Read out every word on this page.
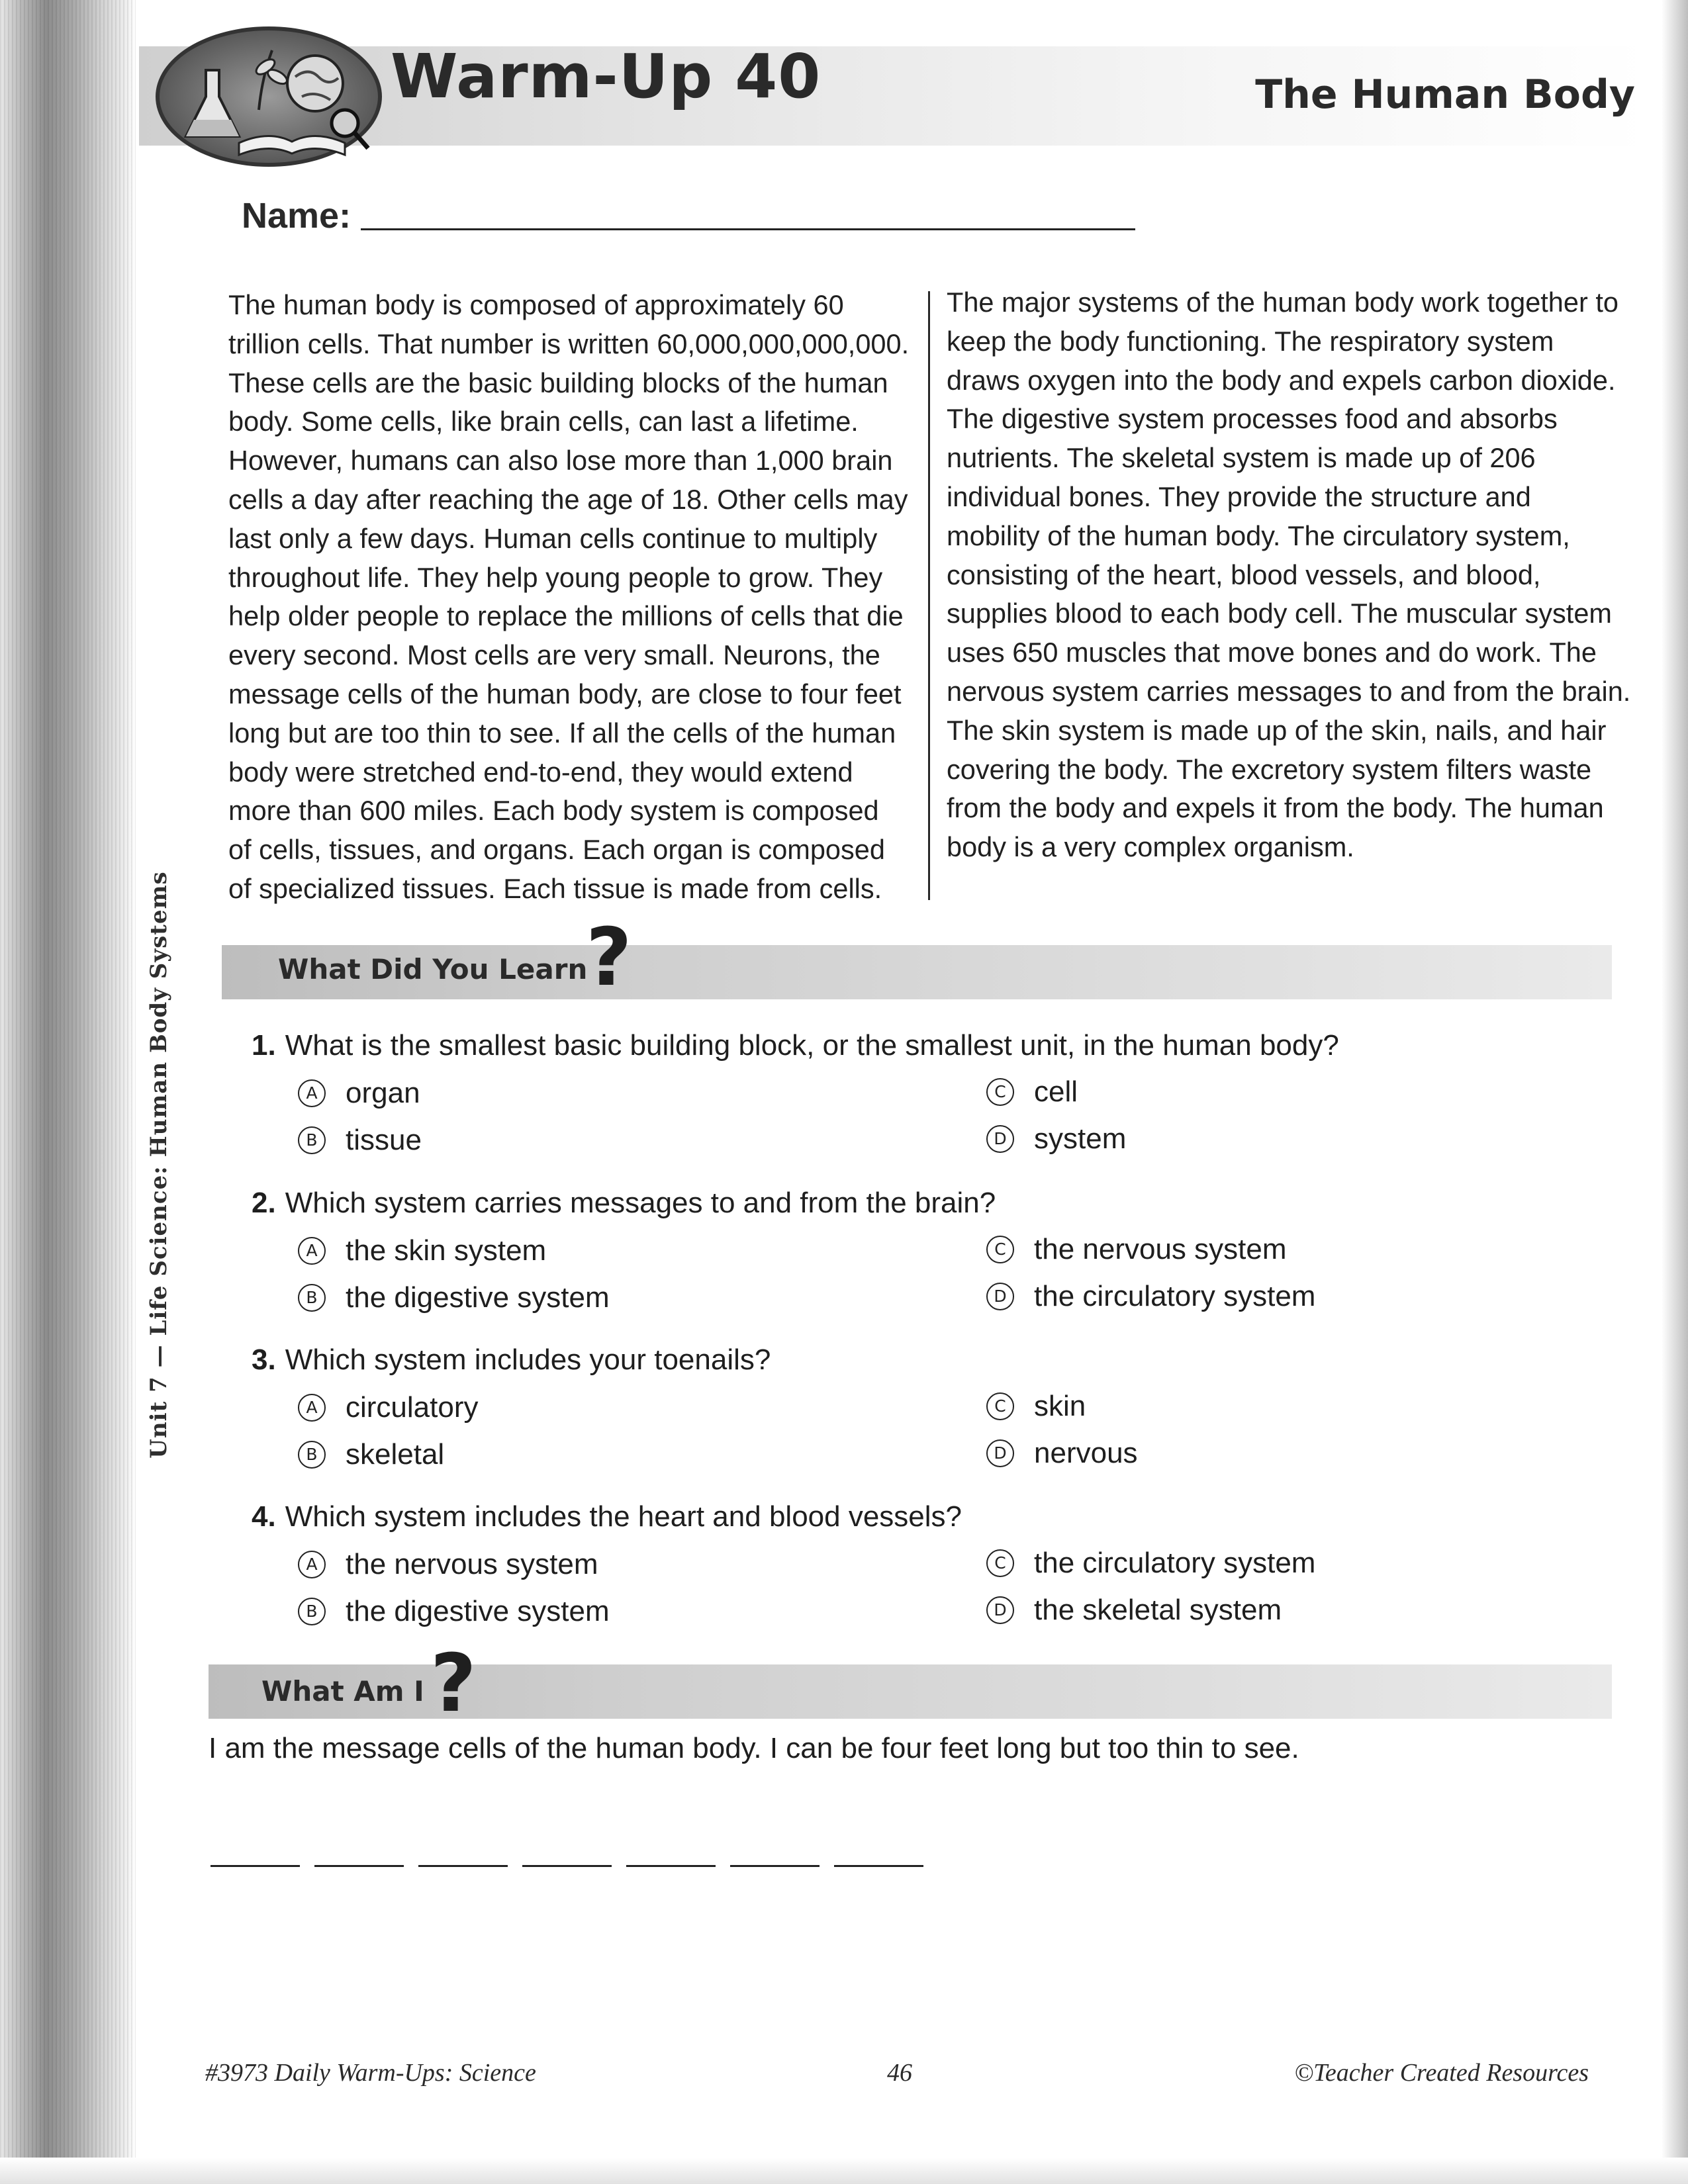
Warm-Up 40	The Human Body
Name:
Unit 7 — Life Science: Human Body Systems
The human body is composed of approximately 60
trillion cells. That number is written 60,000,000,000,000.
These cells are the basic building blocks of the human
body. Some cells, like brain cells, can last a lifetime.
However, humans can also lose more than 1,000 brain
cells a day after reaching the age of 18. Other cells may
last only a few days. Human cells continue to multiply
throughout life. They help young people to grow. They
help older people to replace the millions of cells that die
every second. Most cells are very small. Neurons, the
message cells of the human body, are close to four feet
long but are too thin to see. If all the cells of the human
body were stretched end-to-end, they would extend
more than 600 miles. Each body system is composed
of cells, tissues, and organs. Each organ is composed
of specialized tissues. Each tissue is made from cells.
The major systems of the human body work together to
keep the body functioning. The respiratory system
draws oxygen into the body and expels carbon dioxide.
The digestive system processes food and absorbs
nutrients. The skeletal system is made up of 206
individual bones. They provide the structure and
mobility of the human body. The circulatory system,
consisting of the heart, blood vessels, and blood,
supplies blood to each body cell. The muscular system
uses 650 muscles that move bones and do work. The
nervous system carries messages to and from the brain.
The skin system is made up of the skin, nails, and hair
covering the body. The excretory system filters waste
from the body and expels it from the body. The human
body is a very complex organism.
What Did You Learn
?
1. What is the smallest basic building block, or the smallest unit, in the human body?
A organ
B tissue
C cell
D system
2. Which system carries messages to and from the brain?
A the skin system
B the digestive system
C the nervous system
D the circulatory system
3. Which system includes your toenails?
A circulatory
B skeletal
C skin
D nervous
4. Which system includes the heart and blood vessels?
A the nervous system
B the digestive system
C the circulatory system
D the skeletal system
What Am I ?
I am the message cells of the human body. I can be four feet long but too thin to see.
#3973 Daily Warm-Ups: Science	46	©Teacher Created Resources
